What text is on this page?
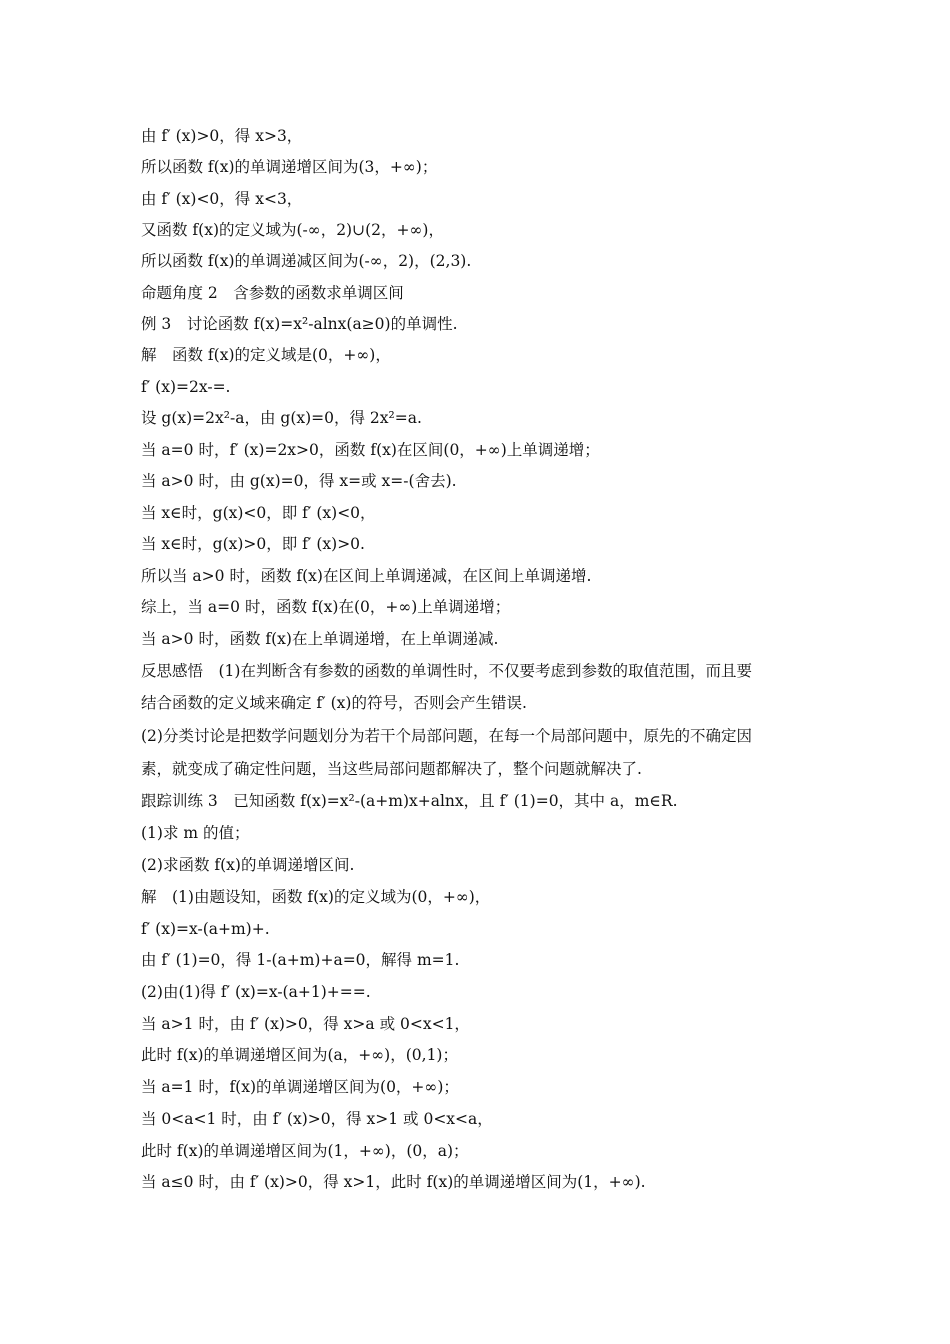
由 f′ (x)>0，得 x>3，
所以函数 f(x)的单调递增区间为(3，+∞)；
由 f′ (x)<0，得 x<3，
又函数 f(x)的定义域为(-∞，2)∪(2，+∞)，
所以函数 f(x)的单调递减区间为(-∞，2)，(2,3).
命题角度 2　含参数的函数求单调区间
例 3　讨论函数 f(x)=x²-alnx(a≥0)的单调性.
解　函数 f(x)的定义域是(0，+∞)，
f′ (x)=2x-=.
设 g(x)=2x²-a，由 g(x)=0，得 2x²=a.
当 a=0 时，f′ (x)=2x>0，函数 f(x)在区间(0，+∞)上单调递增；
当 a>0 时，由 g(x)=0，得 x=或 x=-(舍去).
当 x∈时，g(x)<0，即 f′ (x)<0，
当 x∈时，g(x)>0，即 f′ (x)>0.
所以当 a>0 时，函数 f(x)在区间上单调递减，在区间上单调递增.
综上，当 a=0 时，函数 f(x)在(0，+∞)上单调递增；
当 a>0 时，函数 f(x)在上单调递增，在上单调递减.
反思感悟　(1)在判断含有参数的函数的单调性时，不仅要考虑到参数的取值范围，而且要
结合函数的定义域来确定 f′ (x)的符号，否则会产生错误.
(2)分类讨论是把数学问题划分为若干个局部问题，在每一个局部问题中，原先的不确定因
素，就变成了确定性问题，当这些局部问题都解决了，整个问题就解决了.
跟踪训练 3　已知函数 f(x)=x²-(a+m)x+alnx，且 f′ (1)=0，其中 a，m∈R.
(1)求 m 的值；
(2)求函数 f(x)的单调递增区间.
解　(1)由题设知，函数 f(x)的定义域为(0，+∞)，
f′ (x)=x-(a+m)+.
由 f′ (1)=0，得 1-(a+m)+a=0，解得 m=1.
(2)由(1)得 f′ (x)=x-(a+1)+==.
当 a>1 时，由 f′ (x)>0，得 x>a 或 0<x<1，
此时 f(x)的单调递增区间为(a，+∞)，(0,1)；
当 a=1 时，f(x)的单调递增区间为(0，+∞)；
当 0<a<1 时，由 f′ (x)>0，得 x>1 或 0<x<a，
此时 f(x)的单调递增区间为(1，+∞)，(0，a)；
当 a≤0 时，由 f′ (x)>0，得 x>1，此时 f(x)的单调递增区间为(1，+∞).
